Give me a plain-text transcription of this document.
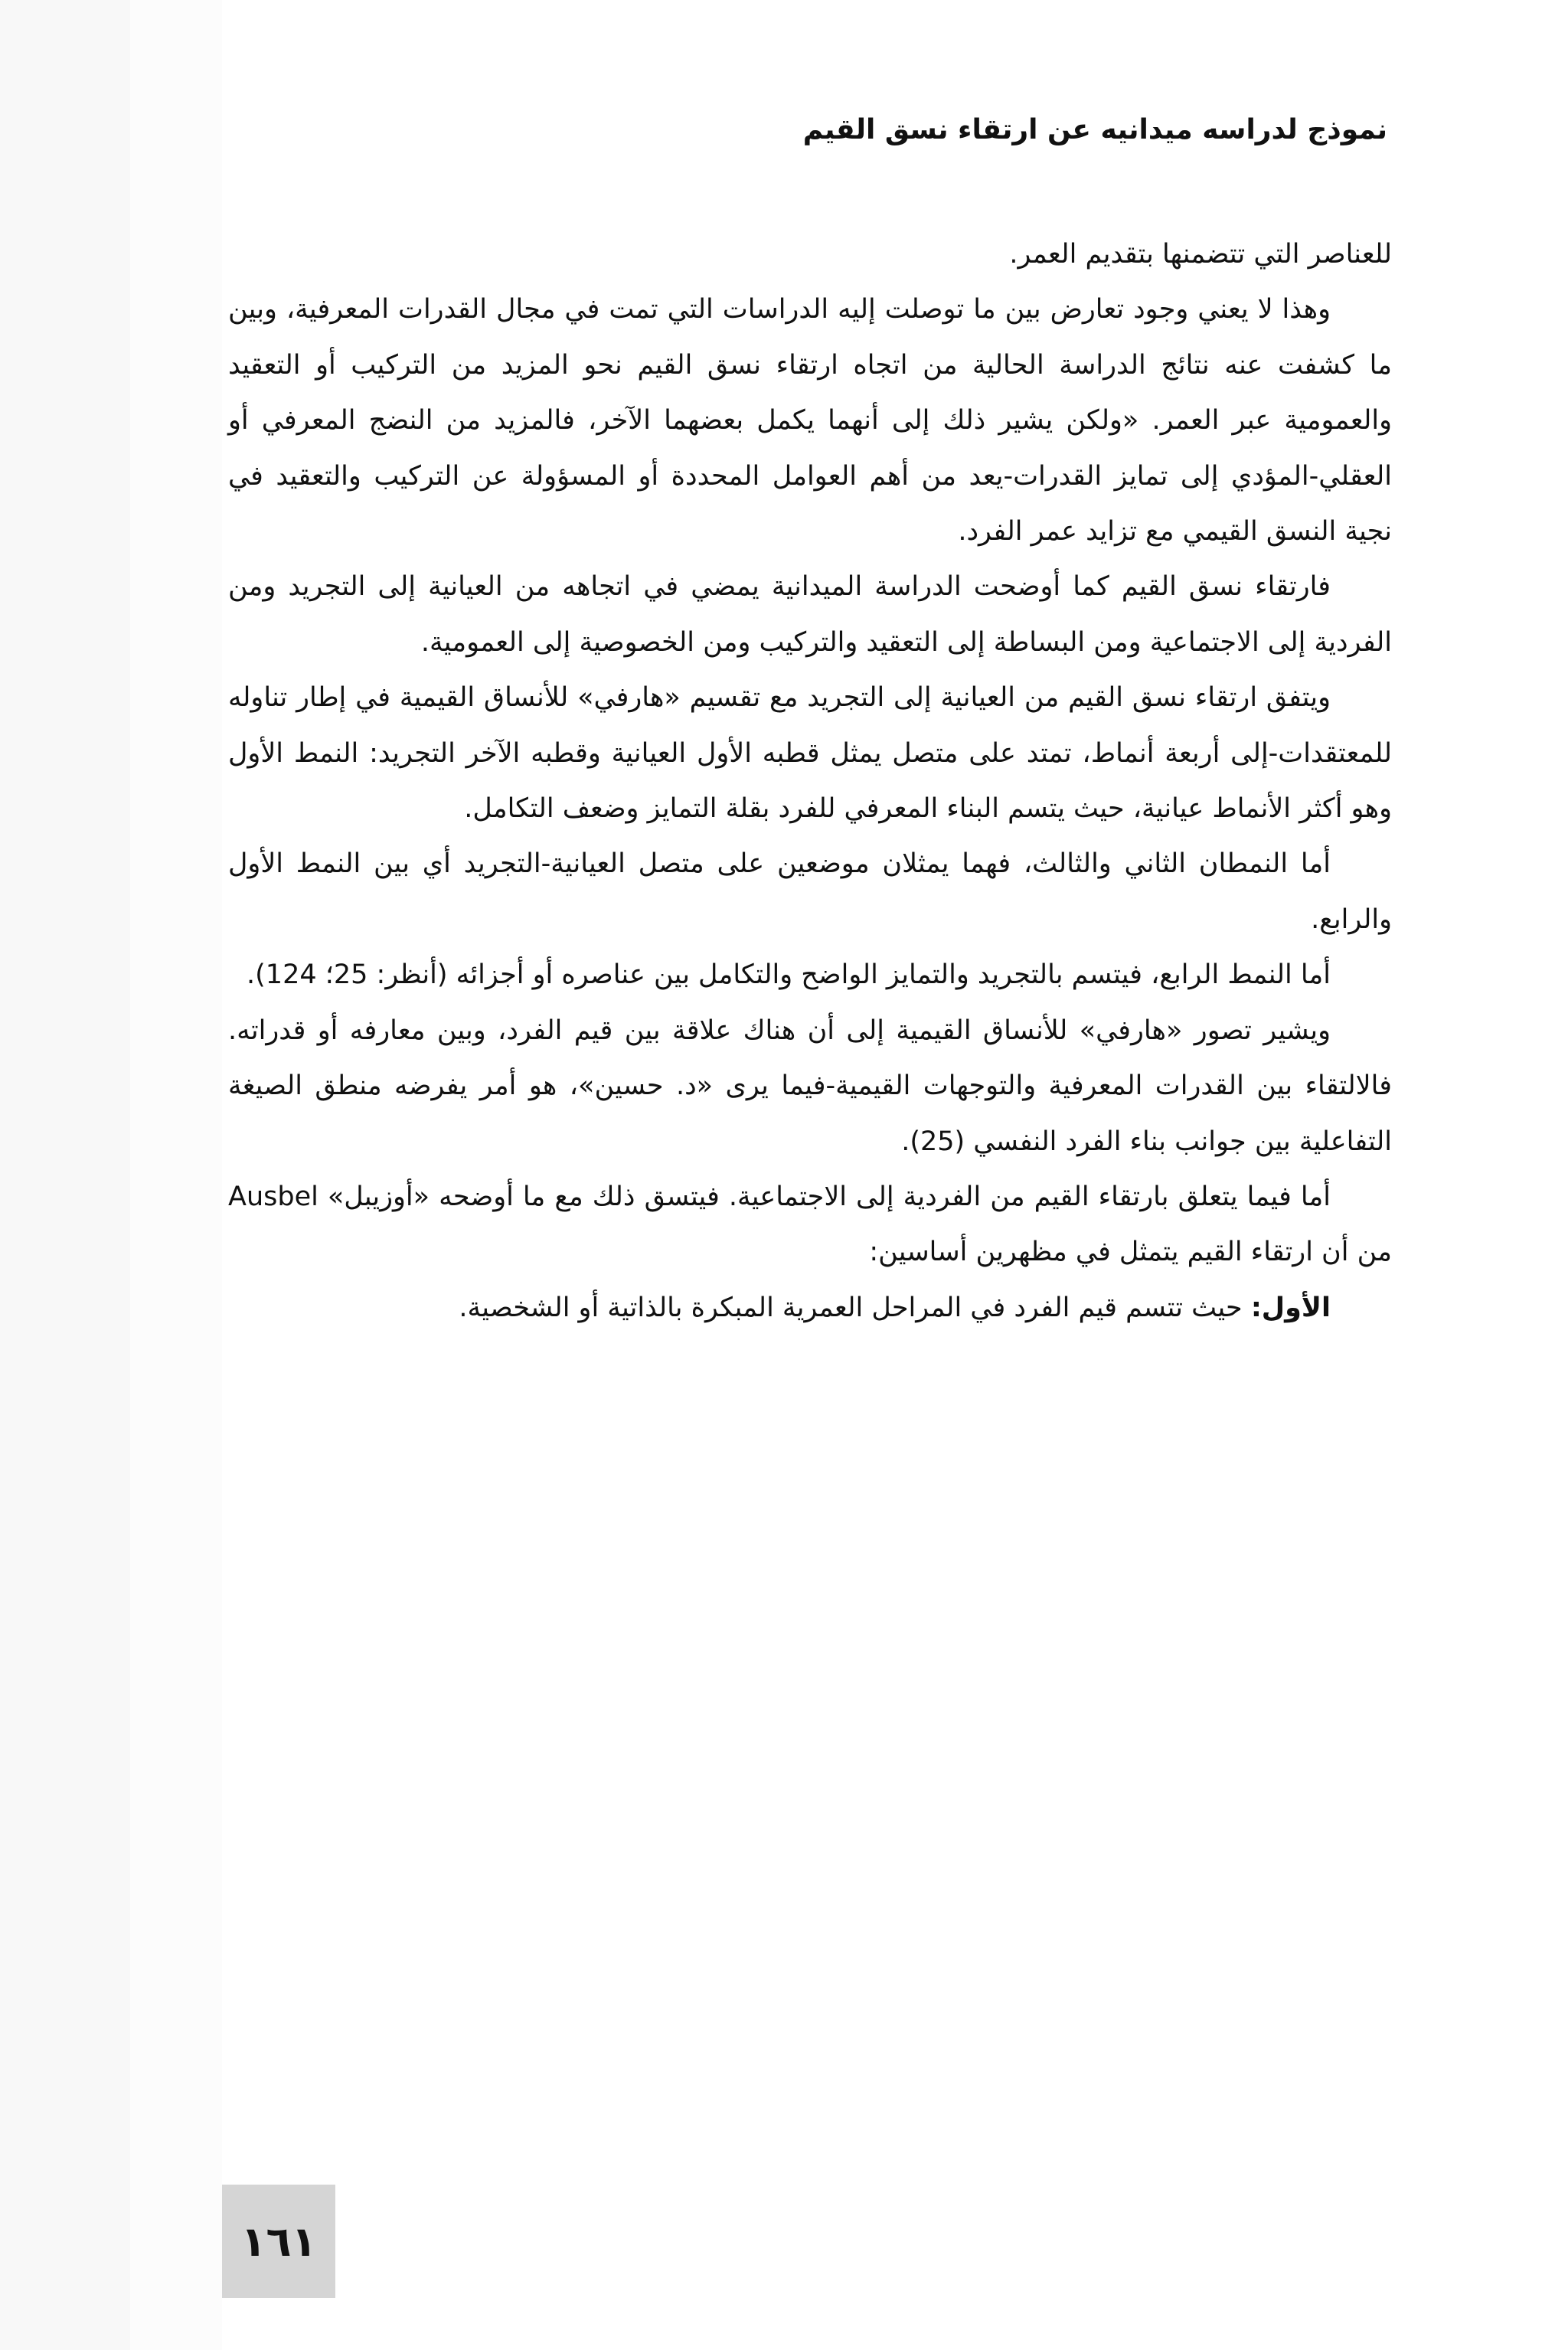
نموذج لدراسه ميدانيه عن ارتقاء نسق القيم

للعناصر التي تتضمنها بتقديم العمر.

وهذا لا يعني وجود تعارض بين ما توصلت إليه الدراسات التي تمت في مجال القدرات المعرفية، وبين ما كشفت عنه نتائج الدراسة الحالية من اتجاه ارتقاء نسق القيم نحو المزيد من التركيب أو التعقيد والعمومية عبر العمر. «ولكن يشير ذلك إلى أنهما يكمل بعضهما الآخر، فالمزيد من النضج المعرفي أو العقلي-المؤدي إلى تمايز القدرات-يعد من أهم العوامل المحددة أو المسؤولة عن التركيب والتعقيد في نجية النسق القيمي مع تزايد عمر الفرد.

فارتقاء نسق القيم كما أوضحت الدراسة الميدانية يمضي في اتجاهه من العيانية إلى التجريد ومن الفردية إلى الاجتماعية ومن البساطة إلى التعقيد والتركيب ومن الخصوصية إلى العمومية.

ويتفق ارتقاء نسق القيم من العيانية إلى التجريد مع تقسيم «هارفي» للأنساق القيمية في إطار تناوله للمعتقدات-إلى أربعة أنماط، تمتد على متصل يمثل قطبه الأول العيانية وقطبه الآخر التجريد: النمط الأول وهو أكثر الأنماط عيانية، حيث يتسم البناء المعرفي للفرد بقلة التمايز وضعف التكامل.

أما النمطان الثاني والثالث، فهما يمثلان موضعين على متصل العيانية-التجريد أي بين النمط الأول والرابع.

أما النمط الرابع، فيتسم بالتجريد والتمايز الواضح والتكامل بين عناصره أو أجزائه (أنظر: 25؛ 124).

ويشير تصور «هارفي» للأنساق القيمية إلى أن هناك علاقة بين قيم الفرد، وبين معارفه أو قدراته. فالالتقاء بين القدرات المعرفية والتوجهات القيمية-فيما يرى «د. حسين»، هو أمر يفرضه منطق الصيغة التفاعلية بين جوانب بناء الفرد النفسي (25).

أما فيما يتعلق بارتقاء القيم من الفردية إلى الاجتماعية. فيتسق ذلك مع ما أوضحه «أوزيبل» Ausbel من أن ارتقاء القيم يتمثل في مظهرين أساسين:

الأول: حيث تتسم قيم الفرد في المراحل العمرية المبكرة بالذاتية أو الشخصية.

١٦١
